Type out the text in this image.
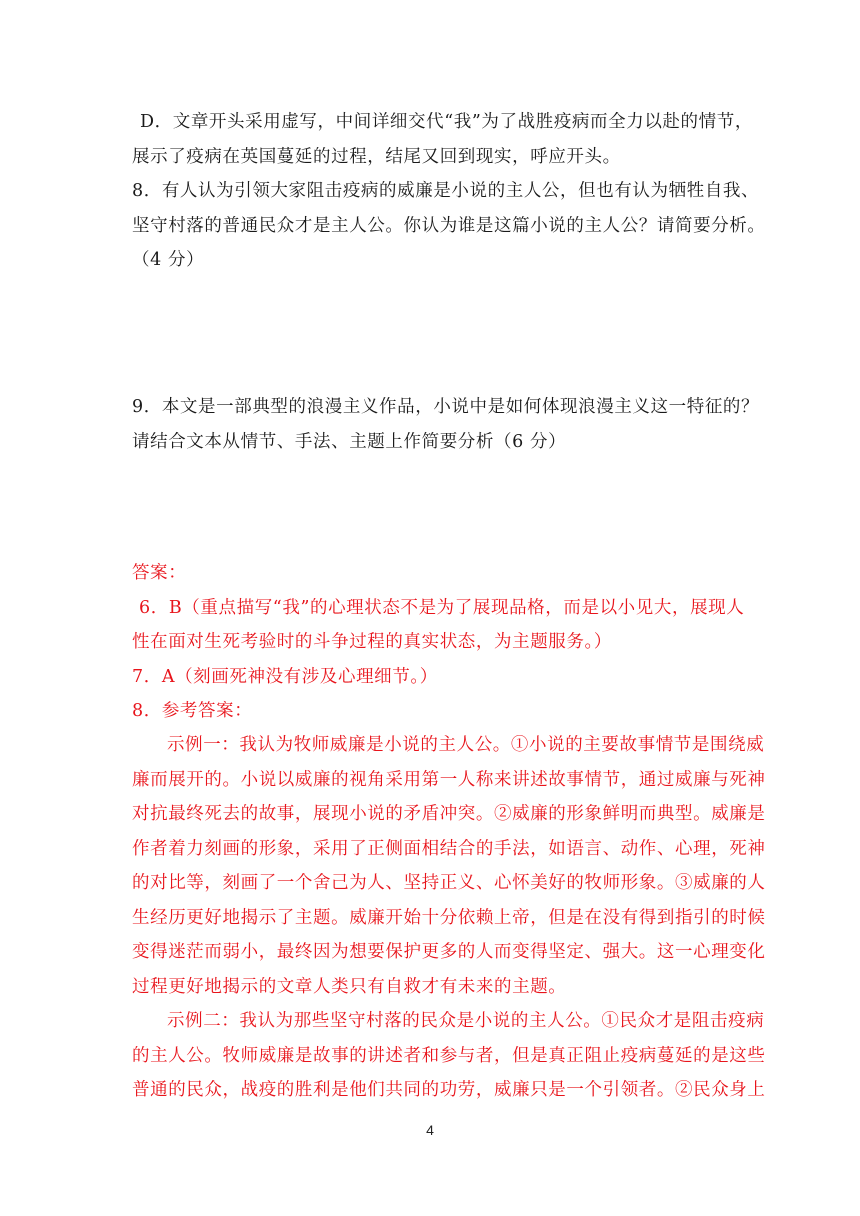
D．文章开头采用虚写，中间详细交代“我”为了战胜疫病而全力以赴的情节，
展示了疫病在英国蔓延的过程，结尾又回到现实，呼应开头。
8．有人认为引领大家阻击疫病的威廉是小说的主人公，但也有认为牺牲自我、
坚守村落的普通民众才是主人公。你认为谁是这篇小说的主人公？请简要分析。
（4 分）
9．本文是一部典型的浪漫主义作品，小说中是如何体现浪漫主义这一特征的？
请结合文本从情节、手法、主题上作简要分析（6 分）
答案：
6．B（重点描写“我”的心理状态不是为了展现品格，而是以小见大，展现人
性在面对生死考验时的斗争过程的真实状态，为主题服务。）
7．A（刻画死神没有涉及心理细节。）
8．参考答案：
示例一：我认为牧师威廉是小说的主人公。①小说的主要故事情节是围绕威
廉而展开的。小说以威廉的视角采用第一人称来讲述故事情节，通过威廉与死神
对抗最终死去的故事，展现小说的矛盾冲突。②威廉的形象鲜明而典型。威廉是
作者着力刻画的形象，采用了正侧面相结合的手法，如语言、动作、心理，死神
的对比等，刻画了一个舍己为人、坚持正义、心怀美好的牧师形象。③威廉的人
生经历更好地揭示了主题。威廉开始十分依赖上帝，但是在没有得到指引的时候
变得迷茫而弱小，最终因为想要保护更多的人而变得坚定、强大。这一心理变化
过程更好地揭示的文章人类只有自救才有未来的主题。
示例二：我认为那些坚守村落的民众是小说的主人公。①民众才是阻击疫病
的主人公。牧师威廉是故事的讲述者和参与者，但是真正阻止疫病蔓延的是这些
普通的民众，战疫的胜利是他们共同的功劳，威廉只是一个引领者。②民众身上
4
